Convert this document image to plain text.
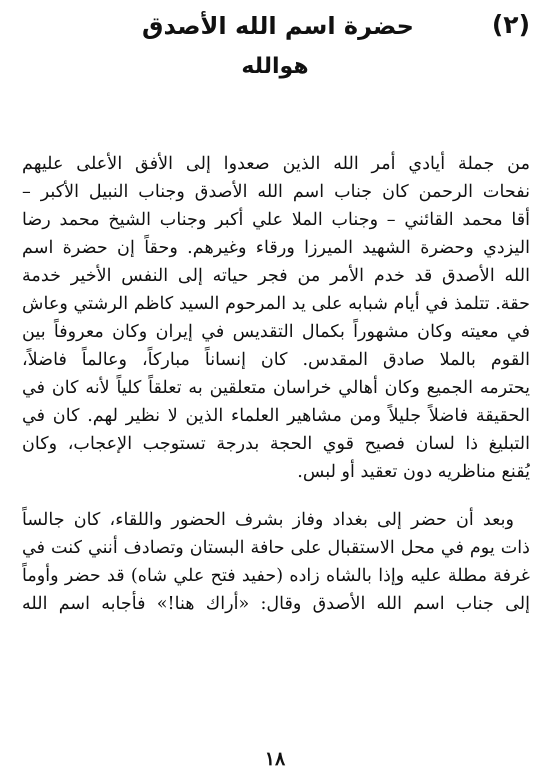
(٢)
حضرة اسم الله الأصدق
هوالله
من جملة أيادي أمر الله الذين صعدوا إلى الأفق الأعلى عليهم
نفحات الرحمن كان جناب اسم الله الأصدق وجناب النبيل الأكبر –
أقا محمد القائني – وجناب الملا علي أكبر وجناب الشيخ محمد رضا
اليزدي وحضرة الشهيد الميرزا ورقاء وغيرهم. وحقاً إن حضرة اسم
الله الأصدق قد خدم الأمر من فجر حياته إلى النفس الأخير خدمة
حقة. تتلمذ في أيام شبابه على يد المرحوم السيد كاظم الرشتي وعاش
في معيته وكان مشهوراً بكمال التقديس في إيران وكان معروفاً بين
القوم بالملا صادق المقدس. كان إنساناً مباركاً، وعالماً فاضلاً،
يحترمه الجميع وكان أهالي خراسان متعلقين به تعلقاً كلياً لأنه كان في
الحقيقة فاضلاً جليلاً ومن مشاهير العلماء الذين لا نظير لهم. كان في
التبليغ ذا لسان فصيح قوي الحجة بدرجة تستوجب الإعجاب، وكان
يُقنع مناظريه دون تعقيد أو لبس.
وبعد أن حضر إلى بغداد وفاز بشرف الحضور واللقاء، كان جالساً
ذات يوم في محل الاستقبال على حافة البستان وتصادف أنني كنت في
غرفة مطلة عليه وإذا بالشاه زاده (حفيد فتح علي شاه) قد حضر وأوماً
إلى جناب اسم الله الأصدق وقال: «أراك هنا!» فأجابه اسم الله
١٨
